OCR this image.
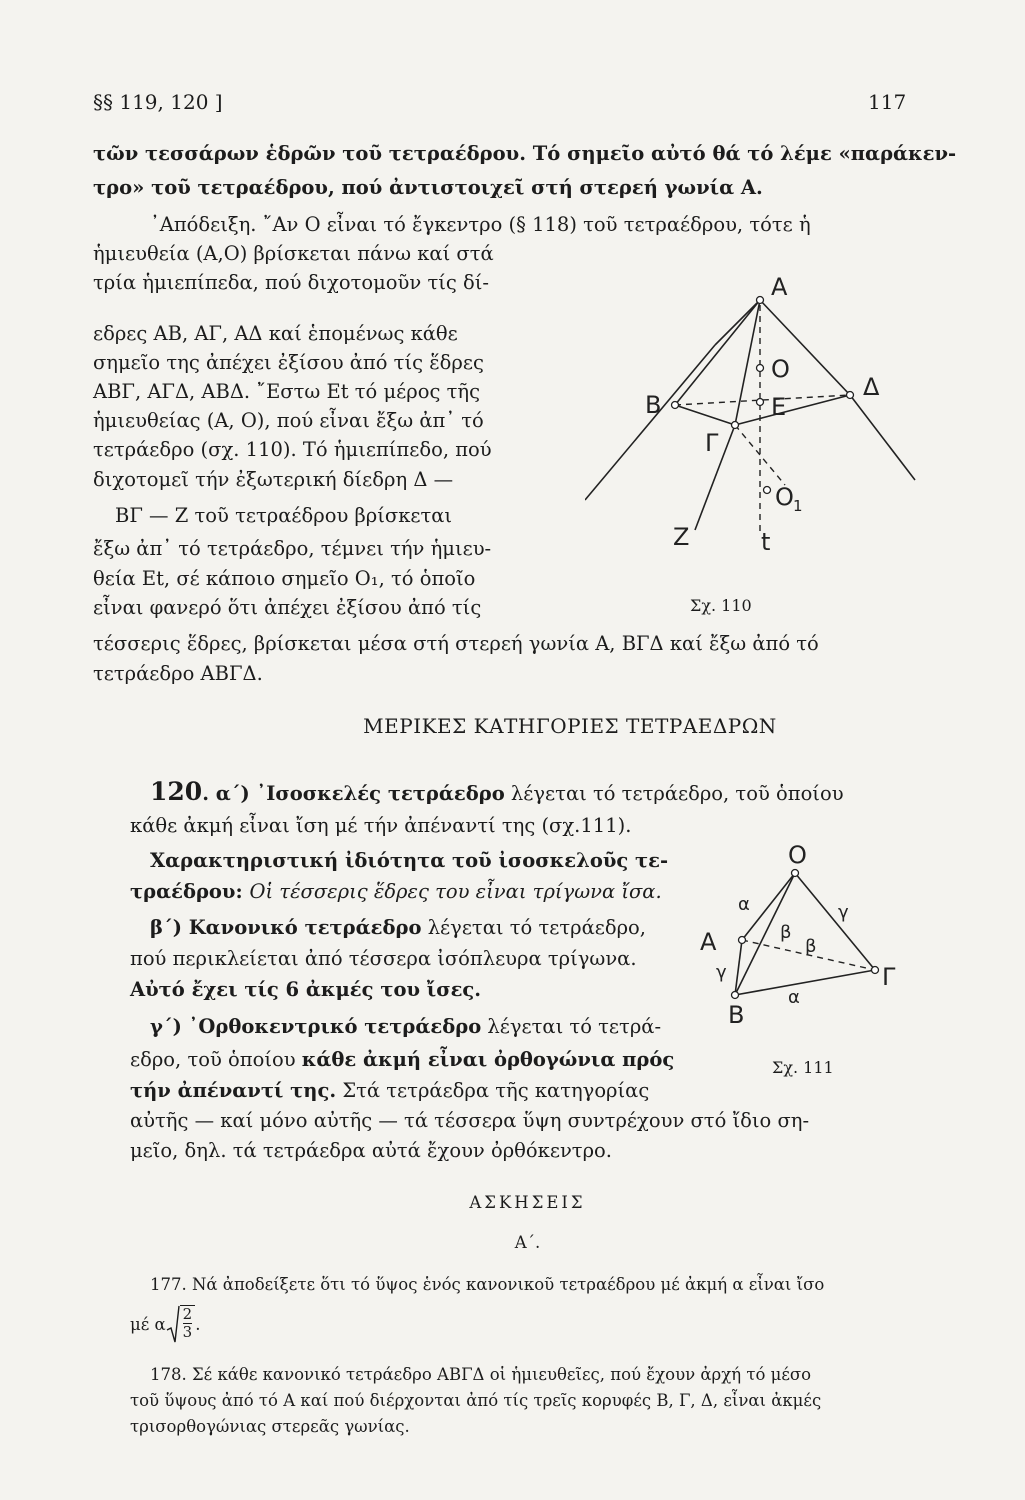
§§ 119, 120 ]	117
τῶν τεσσάρων ἑδρῶν τοῦ τετραέδρου. Τό σημεῖο αὐτό θά τό λέμε «παράκεν-
τρο» τοῦ τετραέδρου, πού ἀντιστοιχεῖ στή στερεή γωνία Α.
᾿Απόδειξη. ῎Αν Ο εἶναι τό ἔγκεντρο (§ 118) τοῦ τετραέδρου, τότε ἡ
ἡμιευθεία (Α,Ο) βρίσκεται πάνω καί στά
τρία ἡμιεπίπεδα, πού διχοτομοῦν τίς δί-
εδρες ΑΒ, ΑΓ, ΑΔ καί ἑπομένως κάθε
σημεῖο της ἀπέχει ἐξίσου ἀπό τίς ἕδρες
ΑΒΓ, ΑΓΔ, ΑΒΔ. ῎Εστω Εt τό μέρος τῆς
ἡμιευθείας (Α, Ο), πού εἶναι ἔξω ἀπ᾿ τό
τετράεδρο (σχ. 110). Τό ἡμιεπίπεδο, πού
διχοτομεῖ τήν ἐξωτερική δίεδρη Δ —
ΒΓ — Ζ τοῦ τετραέδρου βρίσκεται
ἔξω ἀπ᾿ τό τετράεδρο, τέμνει τήν ἡμιευ-
θεία Εt, σέ κάποιο σημεῖο Ο₁, τό ὁποῖο
εἶναι φανερό ὅτι ἀπέχει ἐξίσου ἀπό τίς
τέσσερις ἕδρες, βρίσκεται μέσα στή στερεή γωνία Α, ΒΓΔ καί ἔξω ἀπό τό
τετράεδρο ΑΒΓΔ.
Α
Ο
Ε
Β
Δ
Γ
Ο 1
Ζ	t
Σχ. 110
ΜΕΡΙΚΕΣ ΚΑΤΗΓΟΡΙΕΣ ΤΕΤΡΑΕΔΡΩΝ
120. α΄) ᾿Ισοσκελές τετράεδρο λέγεται τό τετράεδρο, τοῦ ὁποίου
κάθε ἀκμή εἶναι ἴση μέ τήν ἀπέναντί της (σχ.111).
Χαρακτηριστική ἰδιότητα τοῦ ἰσοσκελοῦς τε-
τραέδρου: Οἱ τέσσερις ἕδρες του εἶναι τρίγωνα ἴσα.
β΄) Κανονικό τετράεδρο λέγεται τό τετράεδρο,
πού περικλείεται ἀπό τέσσερα ἰσόπλευρα τρίγωνα.
Αὐτό ἔχει τίς 6 ἀκμές του ἴσες.
γ΄) ᾿Ορθοκεντρικό τετράεδρο λέγεται τό τετρά-
εδρο, τοῦ ὁποίου κάθε ἀκμή εἶναι ὀρθογώνια πρός
τήν ἀπέναντί της. Στά τετράεδρα τῆς κατηγορίας
αὐτῆς — καί μόνο αὐτῆς — τά τέσσερα ὕψη συντρέχουν στό ἴδιο ση-
μεῖο, δηλ. τά τετράεδρα αὐτά ἔχουν ὀρθόκεντρο.
Ο
Α
Β
Γ
α	γ
β
β
γ
α
Σχ. 111
ΑΣΚΗΣΕΙΣ
Α΄.
177. Νά ἀποδείξετε ὅτι τό ὕψος ἑνός κανονικοῦ τετραέδρου μέ ἀκμή α εἶναι ἴσο
μέ α $\frac{2}{3}$ .
178. Σέ κάθε κανονικό τετράεδρο ΑΒΓΔ οἱ ἡμιευθεῖες, πού ἔχουν ἀρχή τό μέσο
τοῦ ὕψους ἀπό τό Α καί πού διέρχονται ἀπό τίς τρεῖς κορυφές Β, Γ, Δ, εἶναι ἀκμές
τρισορθογώνιας στερεᾶς γωνίας.
